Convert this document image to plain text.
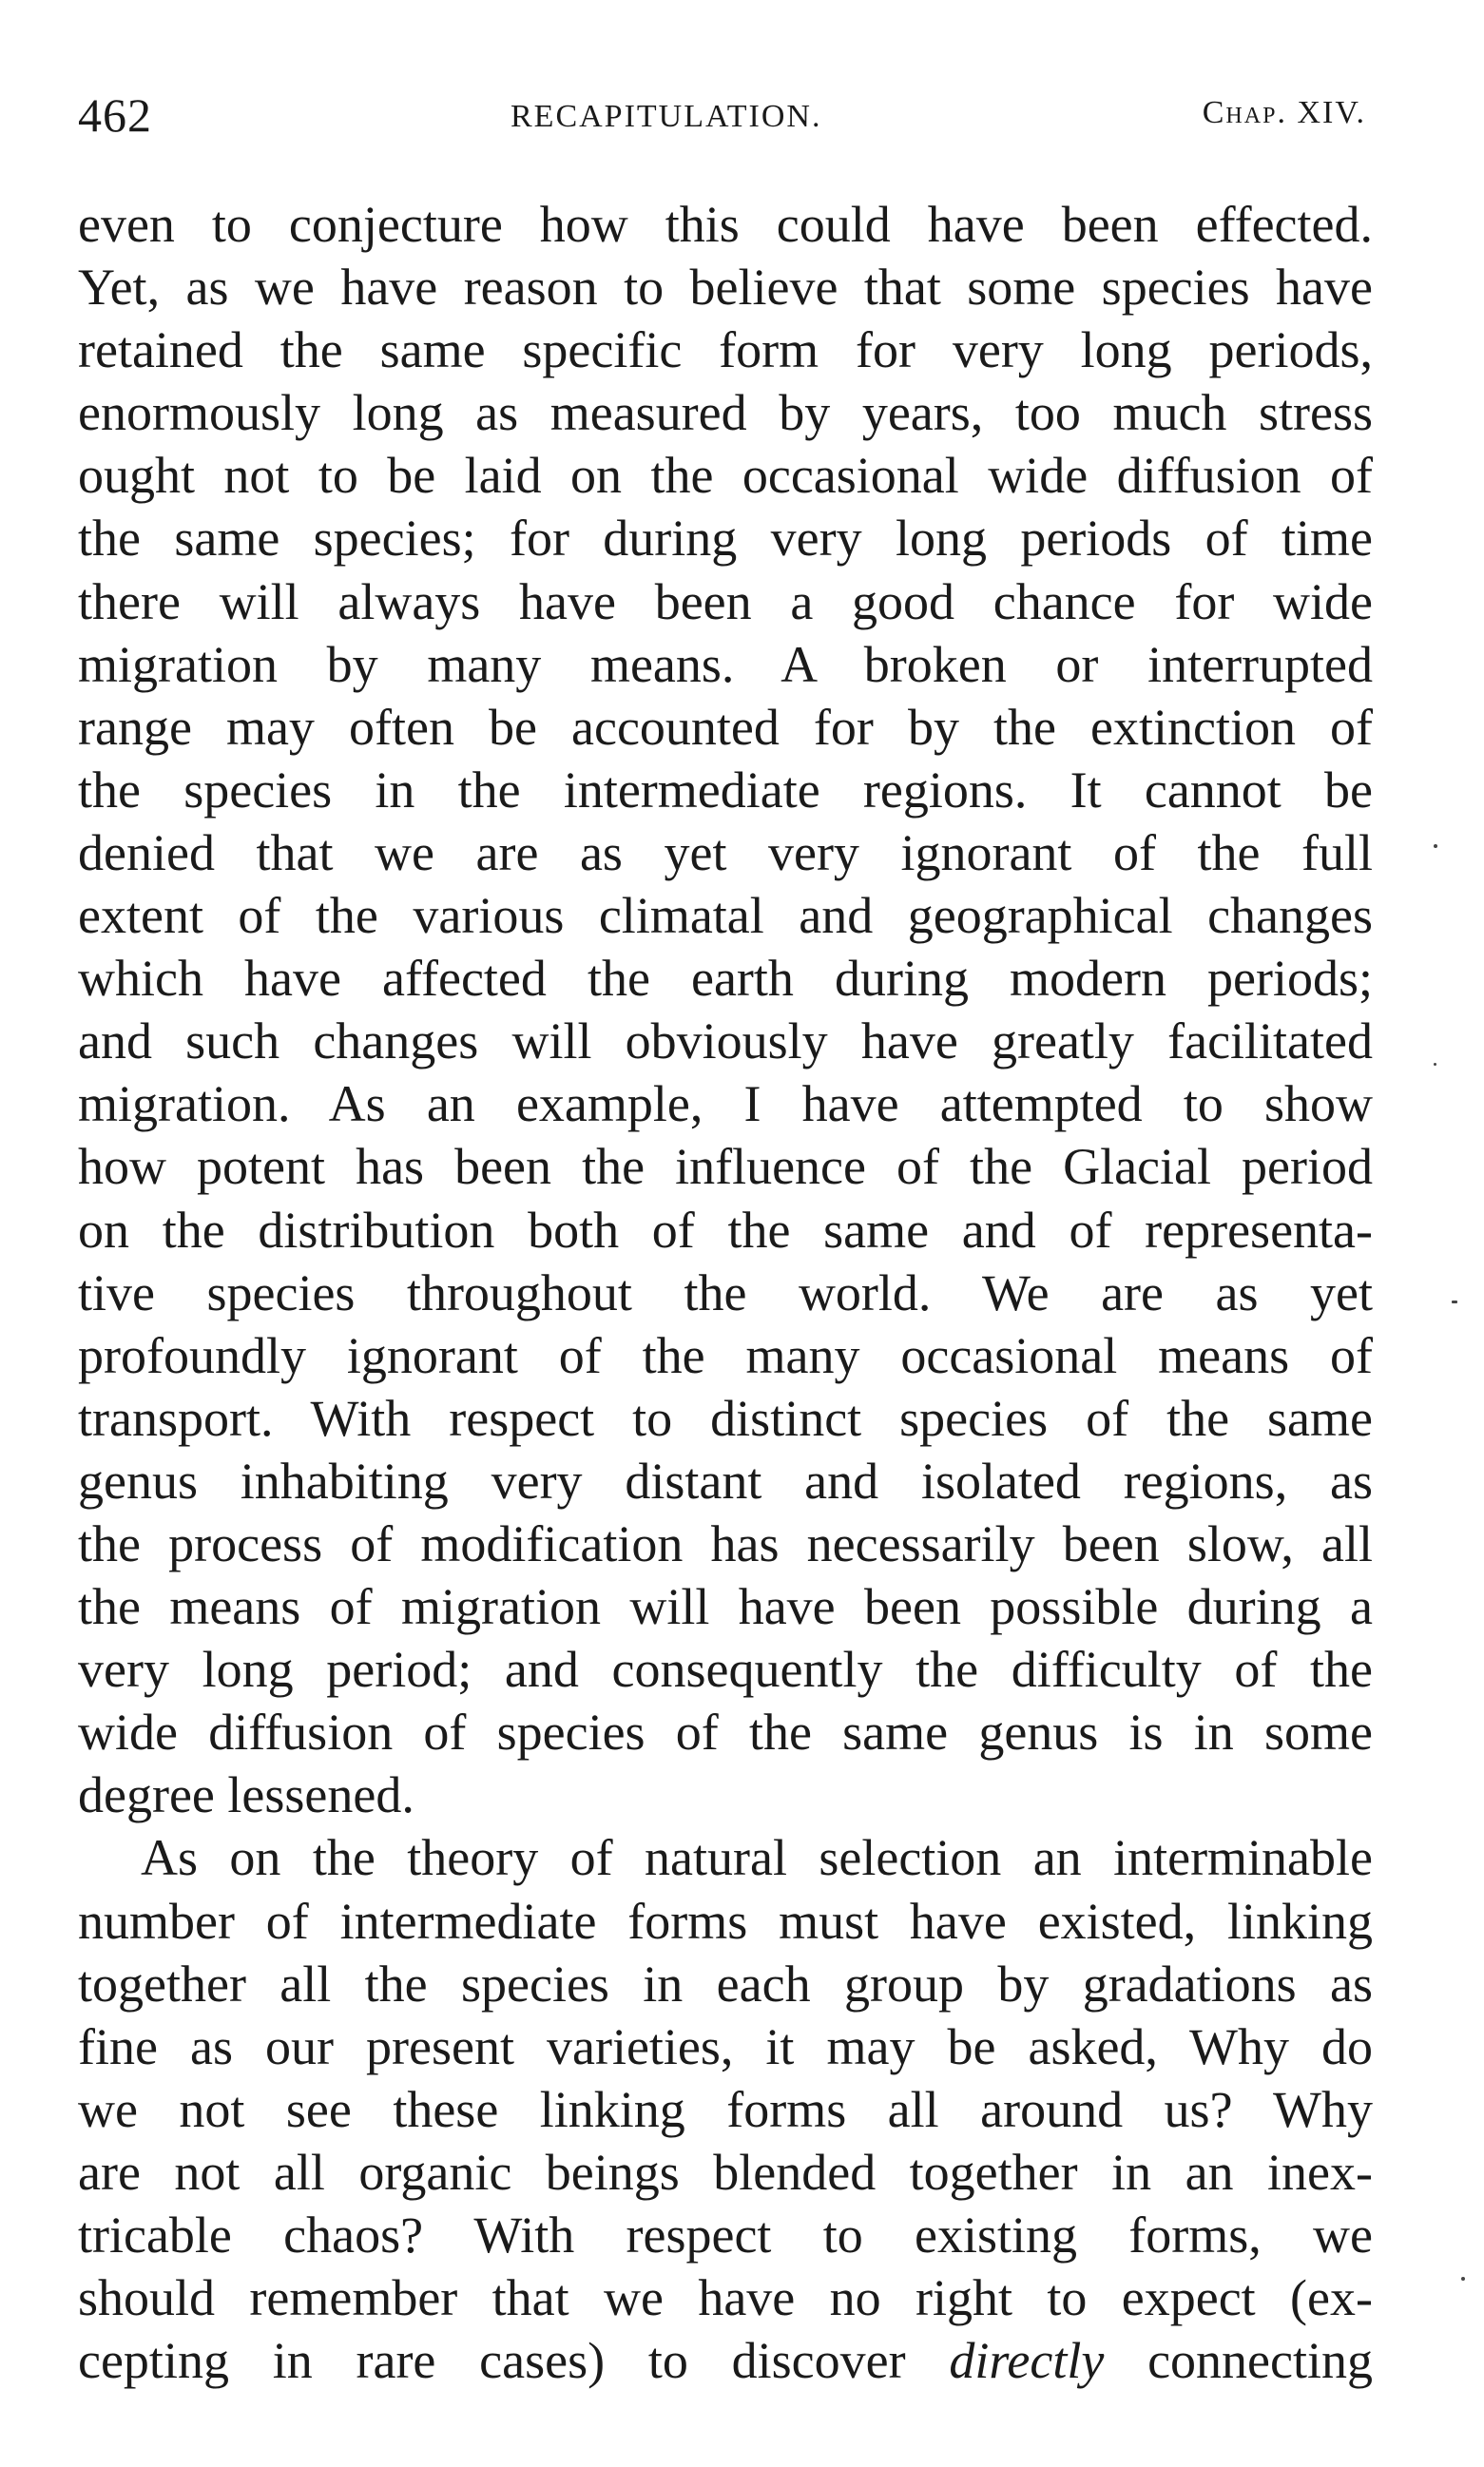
462	RECAPITULATION.	Chap. XIV.
even to conjecture how this could have been effected.
Yet, as we have reason to believe that some species have
retained the same specific form for very long periods,
enormously long as measured by years, too much stress
ought not to be laid on the occasional wide diffusion of
the same species; for during very long periods of time
there will always have been a good chance for wide
migration by many means. A broken or interrupted
range may often be accounted for by the extinction of
the species in the intermediate regions. It cannot be
denied that we are as yet very ignorant of the full
extent of the various climatal and geographical changes
which have affected the earth during modern periods;
and such changes will obviously have greatly facilitated
migration. As an example, I have attempted to show
how potent has been the influence of the Glacial period
on the distribution both of the same and of representa-
tive species throughout the world. We are as yet
profoundly ignorant of the many occasional means of
transport. With respect to distinct species of the same
genus inhabiting very distant and isolated regions, as
the process of modification has necessarily been slow, all
the means of migration will have been possible during a
very long period; and consequently the difficulty of the
wide diffusion of species of the same genus is in some
degree lessened.
As on the theory of natural selection an interminable
number of intermediate forms must have existed, linking
together all the species in each group by gradations as
fine as our present varieties, it may be asked, Why do
we not see these linking forms all around us? Why
are not all organic beings blended together in an inex-
tricable chaos? With respect to existing forms, we
should remember that we have no right to expect (ex-
cepting in rare cases) to discover directly connecting
